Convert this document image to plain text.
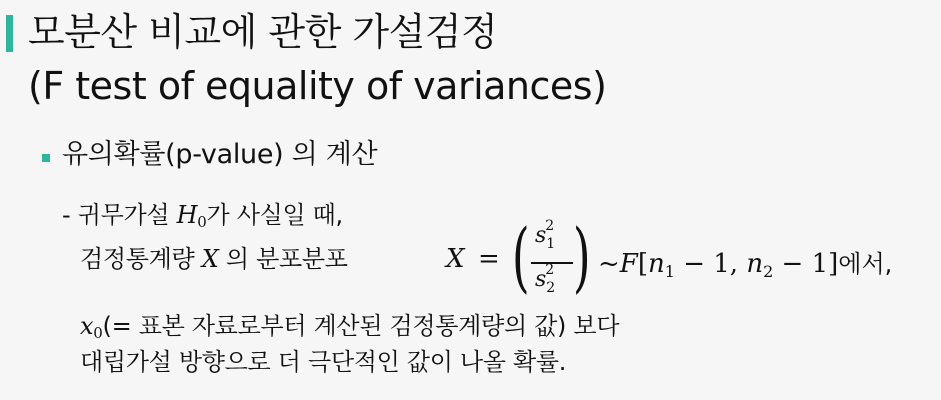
모분산 비교에 관한 가설검정
(F test of equality of variances)
유의확률(p-value) 의 계산
- 귀무가설 $H_0$가 사실일 때,
검정통계량 X 의 분포분포	X = ( $s^2_1$
$s^2_2$ ) $\sim F[n_1 - 1$, $n_2 - 1$]에서,
$x_0(=$ 표본 자료로부터 계산된 검정통계량의 값) 보다
대립가설 방향으로 더 극단적인 값이 나올 확률.
